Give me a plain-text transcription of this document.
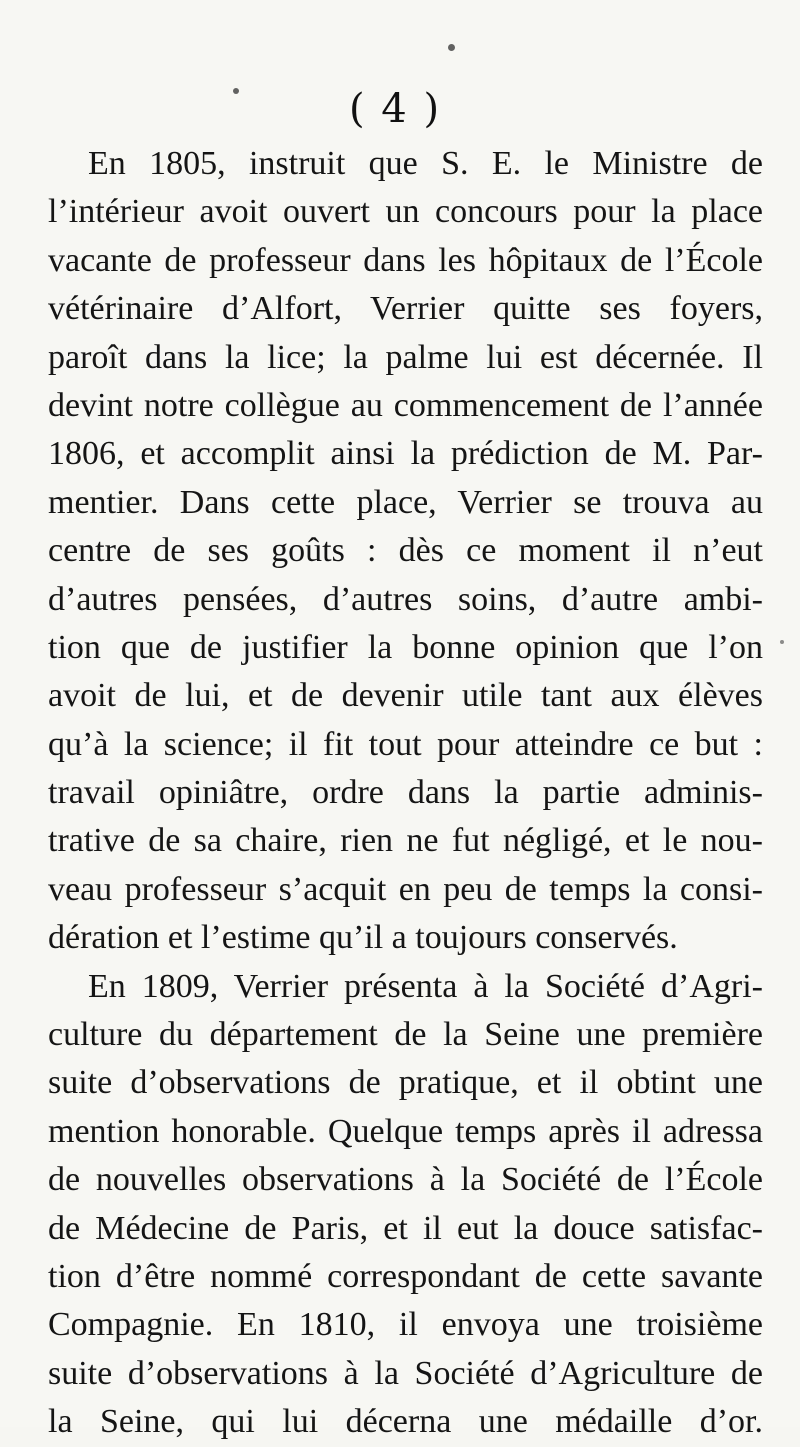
( 4 )
En 1805, instruit que S. E. le Ministre de
l’intérieur avoit ouvert un concours pour la place
vacante de professeur dans les hôpitaux de l’École
vétérinaire d’Alfort, Verrier quitte ses foyers,
paroît dans la lice; la palme lui est décernée. Il
devint notre collègue au commencement de l’année
1806, et accomplit ainsi la prédiction de M. Par-
mentier. Dans cette place, Verrier se trouva au
centre de ses goûts : dès ce moment il n’eut
d’autres pensées, d’autres soins, d’autre ambi-
tion que de justifier la bonne opinion que l’on
avoit de lui, et de devenir utile tant aux élèves
qu’à la science; il fit tout pour atteindre ce but :
travail opiniâtre, ordre dans la partie adminis-
trative de sa chaire, rien ne fut négligé, et le nou-
veau professeur s’acquit en peu de temps la consi-
dération et l’estime qu’il a toujours conservés.
En 1809, Verrier présenta à la Société d’Agri-
culture du département de la Seine une première
suite d’observations de pratique, et il obtint une
mention honorable. Quelque temps après il adressa
de nouvelles observations à la Société de l’École
de Médecine de Paris, et il eut la douce satisfac-
tion d’être nommé correspondant de cette savante
Compagnie. En 1810, il envoya une troisième
suite d’observations à la Société d’Agriculture de
la Seine, qui lui décerna une médaille d’or.
